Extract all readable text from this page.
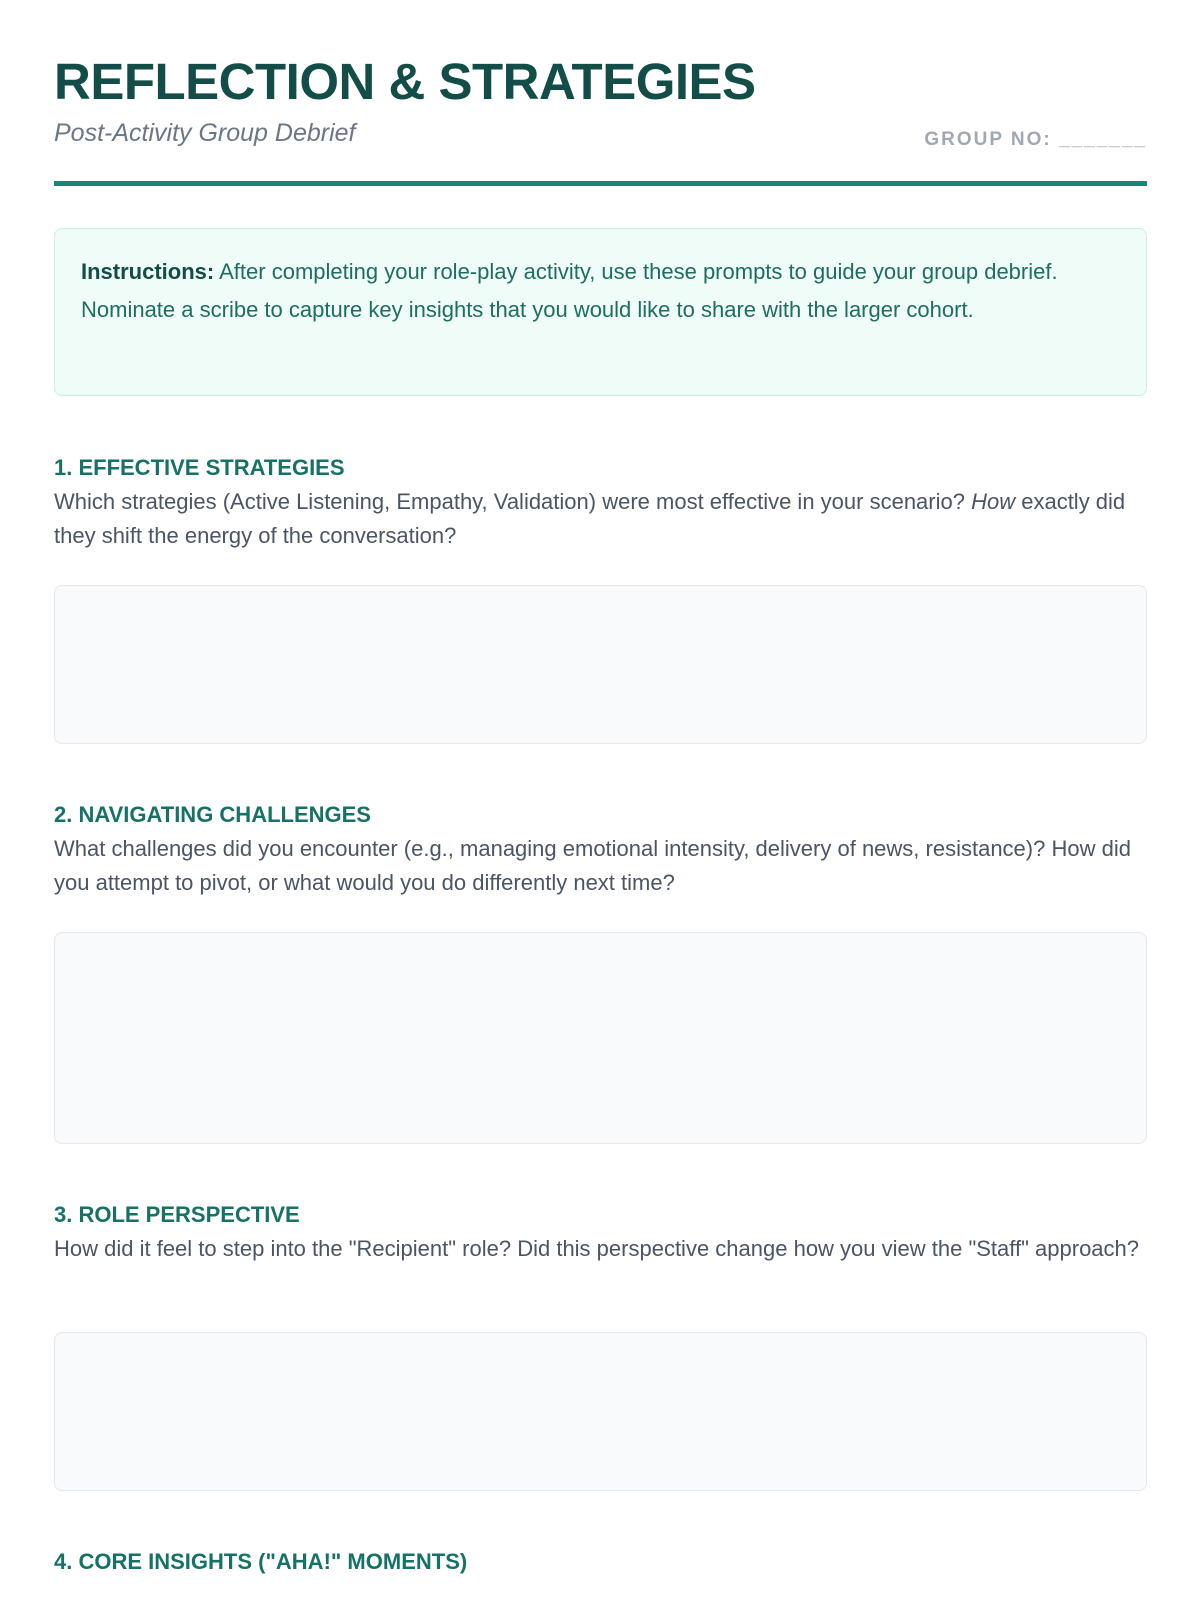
REFLECTION & STRATEGIES
Post-Activity Group Debrief	GROUP NO: _______
Instructions: After completing your role-play activity, use these prompts to guide your group debrief. Nominate a scribe to capture key insights that you would like to share with the larger cohort.
1. EFFECTIVE STRATEGIES

Which strategies (Active Listening, Empathy, Validation) were most effective in your scenario? How exactly did they shift the energy of the conversation?

2. NAVIGATING CHALLENGES

What challenges did you encounter (e.g., managing emotional intensity, delivery of news, resistance)? How did you attempt to pivot, or what would you do differently next time?

3. ROLE PERSPECTIVE

How did it feel to step into the "Recipient" role? Did this perspective change how you view the "Staff" approach?

4. CORE INSIGHTS ("AHA!" MOMENTS)
